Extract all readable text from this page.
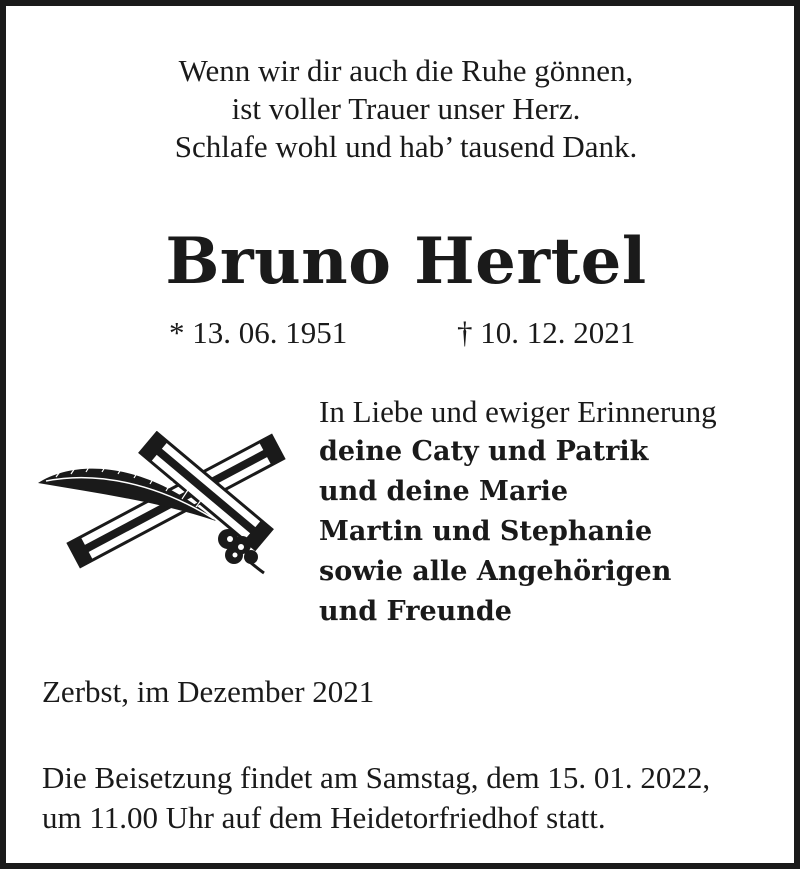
Wenn wir dir auch die Ruhe gönnen,
ist voller Trauer unser Herz.
Schlafe wohl und hab’ tausend Dank.
Bruno Hertel
* 13. 06. 1951	† 10. 12. 2021
In Liebe und ewiger Erinnerung
deine Caty und Patrik
und deine Marie
Martin und Stephanie
sowie alle Angehörigen
und Freunde
Zerbst, im Dezember 2021
Die Beisetzung findet am Samstag, dem 15. 01. 2022,
um 11.00 Uhr auf dem Heidetorfriedhof statt.
